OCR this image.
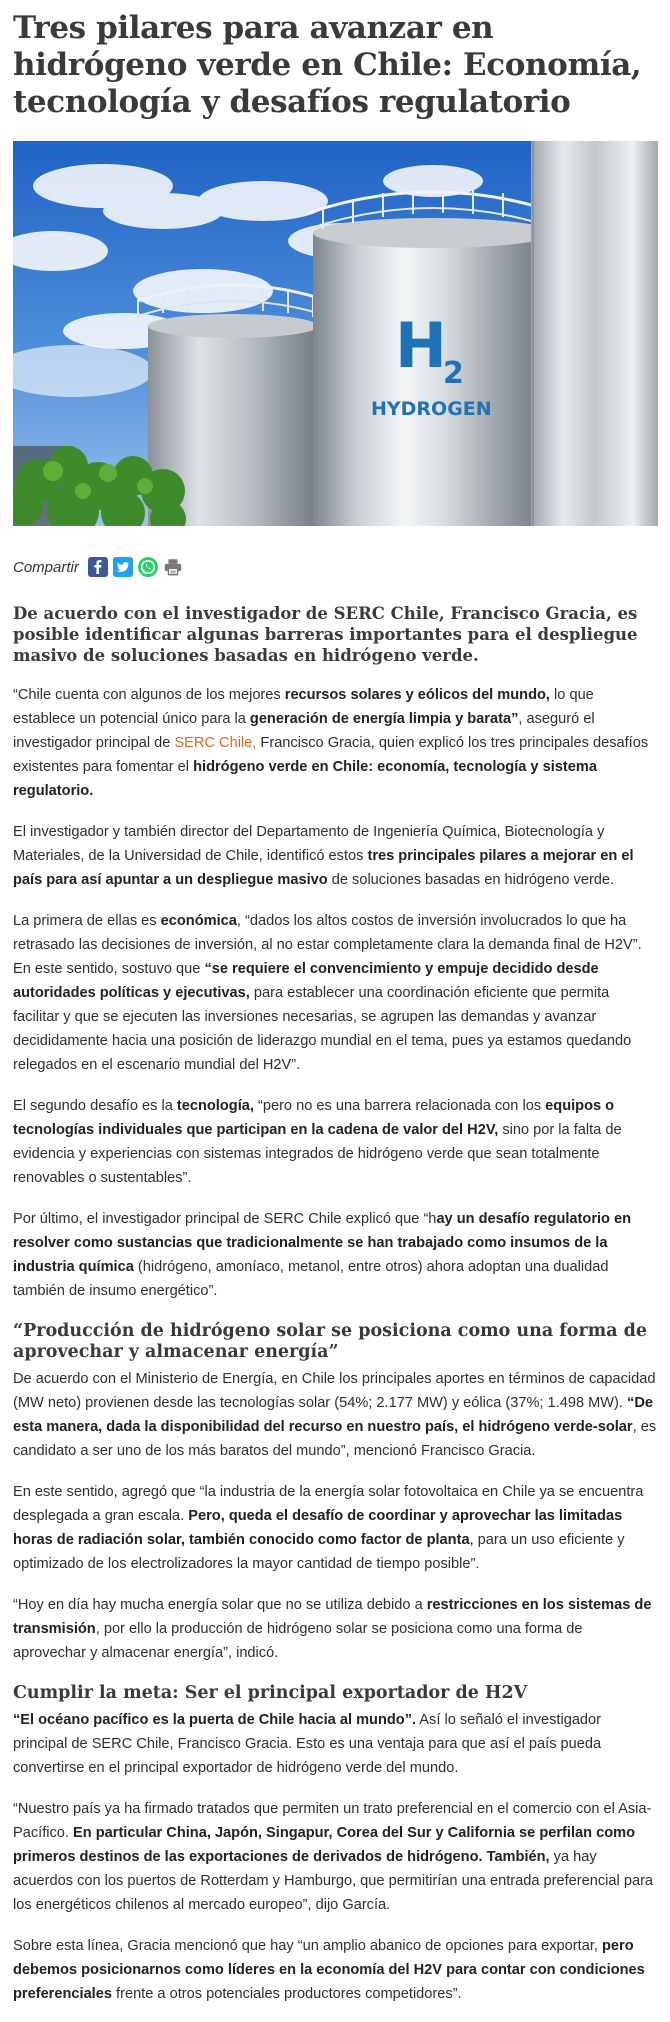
Tres pilares para avanzar en hidrógeno verde en Chile: Economía, tecnología y desafíos regulatorio
H
2
HYDROGEN
Compartir

De acuerdo con el investigador de SERC Chile, Francisco Gracia, es posible identificar algunas barreras importantes para el despliegue masivo de soluciones basadas en hidrógeno verde.

“Chile cuenta con algunos de los mejores recursos solares y eólicos del mundo, lo que establece un potencial único para la generación de energía limpia y barata”, aseguró el investigador principal de SERC Chile, Francisco Gracia, quien explicó los tres principales desafíos existentes para fomentar el hidrógeno verde en Chile: economía, tecnología y sistema regulatorio.

El investigador y también director del Departamento de Ingeniería Química, Biotecnología y Materiales, de la Universidad de Chile, identificó estos tres principales pilares a mejorar en el país para así apuntar a un despliegue masivo de soluciones basadas en hidrógeno verde.

La primera de ellas es económica, “dados los altos costos de inversión involucrados lo que ha retrasado las decisiones de inversión, al no estar completamente clara la demanda final de H2V”. En este sentido, sostuvo que “se requiere el convencimiento y empuje decidido desde autoridades políticas y ejecutivas, para establecer una coordinación eficiente que permita facilitar y que se ejecuten las inversiones necesarias, se agrupen las demandas y avanzar decididamente hacia una posición de liderazgo mundial en el tema, pues ya estamos quedando relegados en el escenario mundial del H2V”.

El segundo desafío es la tecnología, “pero no es una barrera relacionada con los equipos o tecnologías individuales que participan en la cadena de valor del H2V, sino por la falta de evidencia y experiencias con sistemas integrados de hidrógeno verde que sean totalmente renovables o sustentables”.

Por último, el investigador principal de SERC Chile explicó que “hay un desafío regulatorio en resolver como sustancias que tradicionalmente se han trabajado como insumos de la industria química (hidrógeno, amoníaco, metanol, entre otros) ahora adoptan una dualidad también de insumo energético”.

“Producción de hidrógeno solar se posiciona como una forma de aprovechar y almacenar energía”

De acuerdo con el Ministerio de Energía, en Chile los principales aportes en términos de capacidad (MW neto) provienen desde las tecnologías solar (54%; 2.177 MW) y eólica (37%; 1.498 MW). “De esta manera, dada la disponibilidad del recurso en nuestro país, el hidrógeno verde-solar, es candidato a ser uno de los más baratos del mundo”, mencionó Francisco Gracia.

En este sentido, agregó que “la industria de la energía solar fotovoltaica en Chile ya se encuentra desplegada a gran escala. Pero, queda el desafío de coordinar y aprovechar las limitadas horas de radiación solar, también conocido como factor de planta, para un uso eficiente y optimizado de los electrolizadores la mayor cantidad de tiempo posible”.

“Hoy en día hay mucha energía solar que no se utiliza debido a restricciones en los sistemas de transmisión, por ello la producción de hidrógeno solar se posiciona como una forma de aprovechar y almacenar energía”, indicó.

Cumplir la meta: Ser el principal exportador de H2V

“El océano pacífico es la puerta de Chile hacia al mundo”. Así lo señaló el investigador principal de SERC Chile, Francisco Gracia. Esto es una ventaja para que así el país pueda convertirse en el principal exportador de hidrógeno verde del mundo.

“Nuestro país ya ha firmado tratados que permiten un trato preferencial en el comercio con el Asia-Pacífico. En particular China, Japón, Singapur, Corea del Sur y California se perfilan como primeros destinos de las exportaciones de derivados de hidrógeno. También, ya hay acuerdos con los puertos de Rotterdam y Hamburgo, que permitirían una entrada preferencial para los energéticos chilenos al mercado europeo”, dijo García.

Sobre esta línea, Gracia mencionó que hay “un amplio abanico de opciones para exportar, pero debemos posicionarnos como líderes en la economía del H2V para contar con condiciones preferenciales frente a otros potenciales productores competidores”.
